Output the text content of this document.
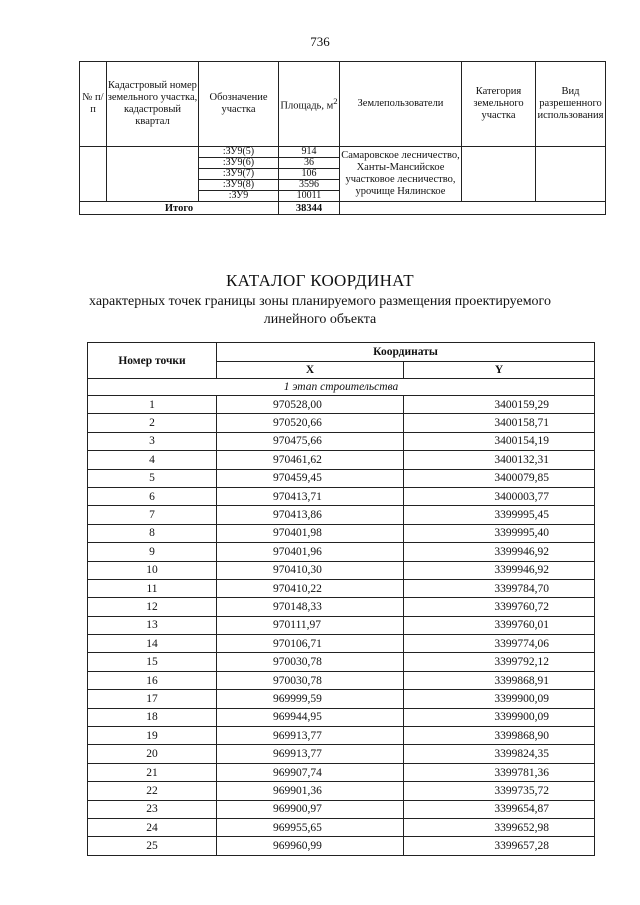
736
№ п/п	Кадастровый номер земельного участка, кадастровый квартал	Обозначение участка	Площадь, $м^2$	Землепользователи	Категория земельного участка	Вид разрешенного использования
		:ЗУ9(5)	914	Самаровское лесничество, Ханты-Мансийское участковое лесничество, урочище Нялинское		
		:ЗУ9(6)	36			
		:ЗУ9(7)	106			
		:ЗУ9(8)	3596			
		:ЗУ9	10011			
Итого			38344			
КАТАЛОГ КООРДИНАТ
характерных точек границы зоны планируемого размещения проектируемого
линейного объекта
Номер точки	Координаты	
	X	Y
1 этап строительства		
1	970528,00	3400159,29
2	970520,66	3400158,71
3	970475,66	3400154,19
4	970461,62	3400132,31
5	970459,45	3400079,85
6	970413,71	3400003,77
7	970413,86	3399995,45
8	970401,98	3399995,40
9	970401,96	3399946,92
10	970410,30	3399946,92
11	970410,22	3399784,70
12	970148,33	3399760,72
13	970111,97	3399760,01
14	970106,71	3399774,06
15	970030,78	3399792,12
16	970030,78	3399868,91
17	969999,59	3399900,09
18	969944,95	3399900,09
19	969913,77	3399868,90
20	969913,77	3399824,35
21	969907,74	3399781,36
22	969901,36	3399735,72
23	969900,97	3399654,87
24	969955,65	3399652,98
25	969960,99	3399657,28
